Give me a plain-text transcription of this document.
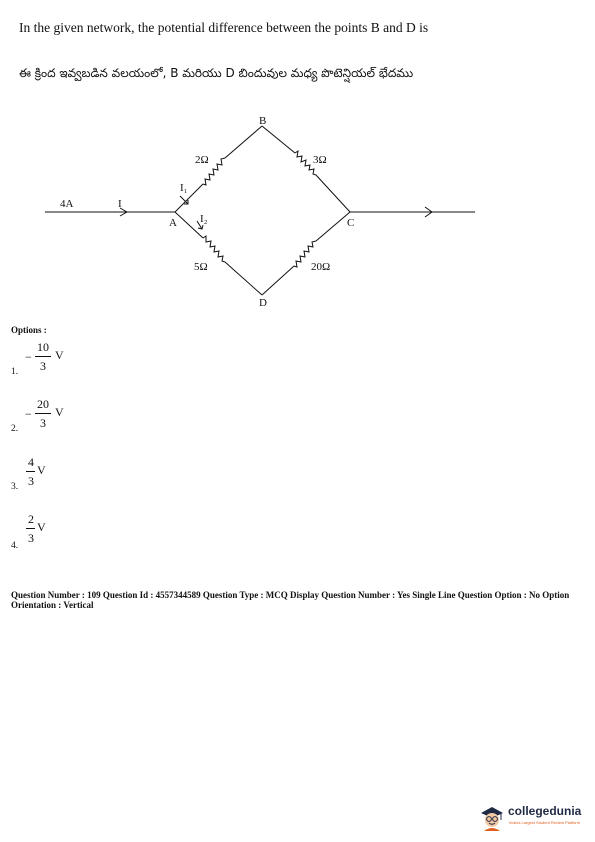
In the given network, the potential difference between the points B and D is
ఈ క్రింద ఇవ్వబడిన వలయంలో, B మరియు D బిందువుల మధ్య పొటెన్షియల్ భేదము
4A	I
A
B
C
D
I₁
I₂
2Ω	3Ω
5Ω	20Ω
Options :
1.
−
10
3
V
2.
−
20
3
V
3.
4
3
V
4.
2
3
V
Question Number : 109 Question Id : 4557344589 Question Type : MCQ Display Question Number : Yes Single Line Question Option : No Option Orientation : Vertical
collegedunia
India's Largest Student Review Platform
